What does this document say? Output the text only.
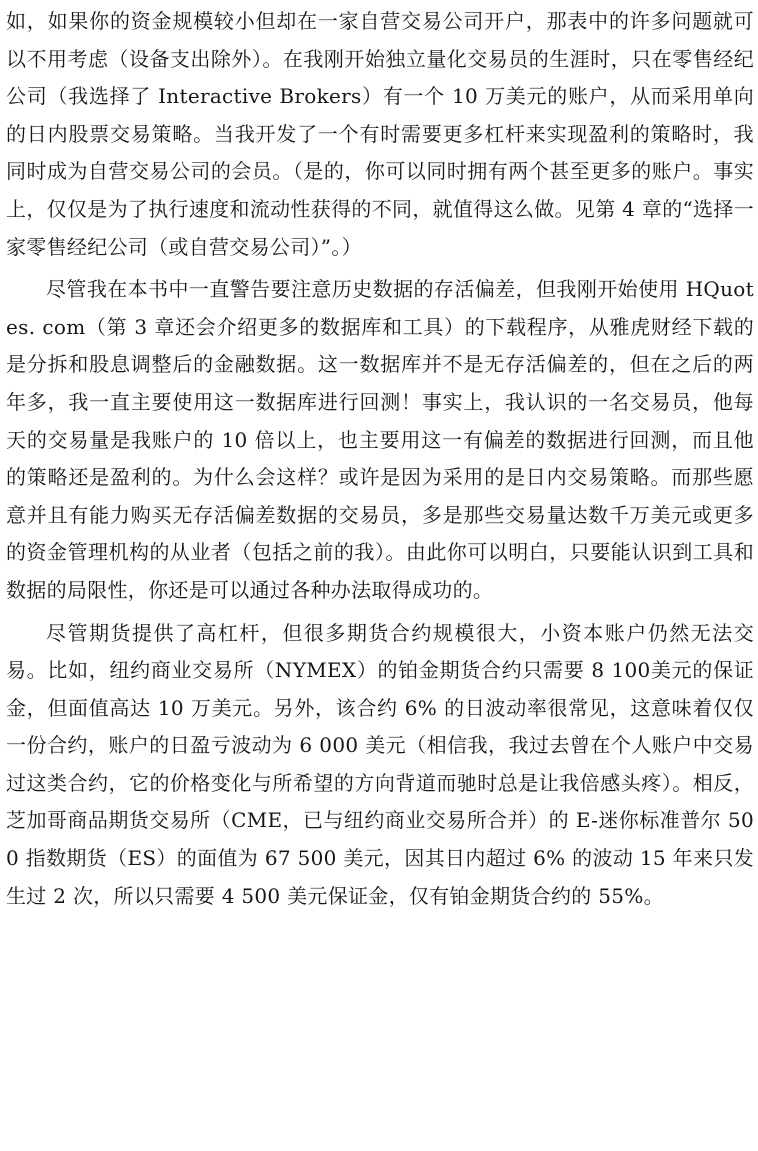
如，如果你的资金规模较小但却在一家自营交易公司开户，那表中的许多问题就可以不用考虑（设备支出除外）。在我刚开始独立量化交易员的生涯时，只在零售经纪公司（我选择了 Interactive Brokers）有一个 10 万美元的账户，从而采用单向的日内股票交易策略。当我开发了一个有时需要更多杠杆来实现盈利的策略时，我同时成为自营交易公司的会员。（是的，你可以同时拥有两个甚至更多的账户。事实上，仅仅是为了执行速度和流动性获得的不同，就值得这么做。见第 4 章的“选择一家零售经纪公司（或自营交易公司）”。）

尽管我在本书中一直警告要注意历史数据的存活偏差，但我刚开始使用 HQuotes. com（第 3 章还会介绍更多的数据库和工具）的下载程序，从雅虎财经下载的是分拆和股息调整后的金融数据。这一数据库并不是无存活偏差的，但在之后的两年多，我一直主要使用这一数据库进行回测！事实上，我认识的一名交易员，他每天的交易量是我账户的 10 倍以上，也主要用这一有偏差的数据进行回测，而且他的策略还是盈利的。为什么会这样？或许是因为采用的是日内交易策略。而那些愿意并且有能力购买无存活偏差数据的交易员，多是那些交易量达数千万美元或更多的资金管理机构的从业者（包括之前的我）。由此你可以明白，只要能认识到工具和数据的局限性，你还是可以通过各种办法取得成功的。

尽管期货提供了高杠杆，但很多期货合约规模很大，小资本账户仍然无法交易。比如，纽约商业交易所（NYMEX）的铂金期货合约只需要 8 100美元的保证金，但面值高达 10 万美元。另外，该合约 6% 的日波动率很常见，这意味着仅仅一份合约，账户的日盈亏波动为 6 000 美元（相信我，我过去曾在个人账户中交易过这类合约，它的价格变化与所希望的方向背道而驰时总是让我倍感头疼）。相反，芝加哥商品期货交易所（CME，已与纽约商业交易所合并）的 E-迷你标准普尔 500 指数期货（ES）的面值为 67 500 美元，因其日内超过 6% 的波动 15 年来只发生过 2 次，所以只需要 4 500 美元保证金，仅有铂金期货合约的 55%。
